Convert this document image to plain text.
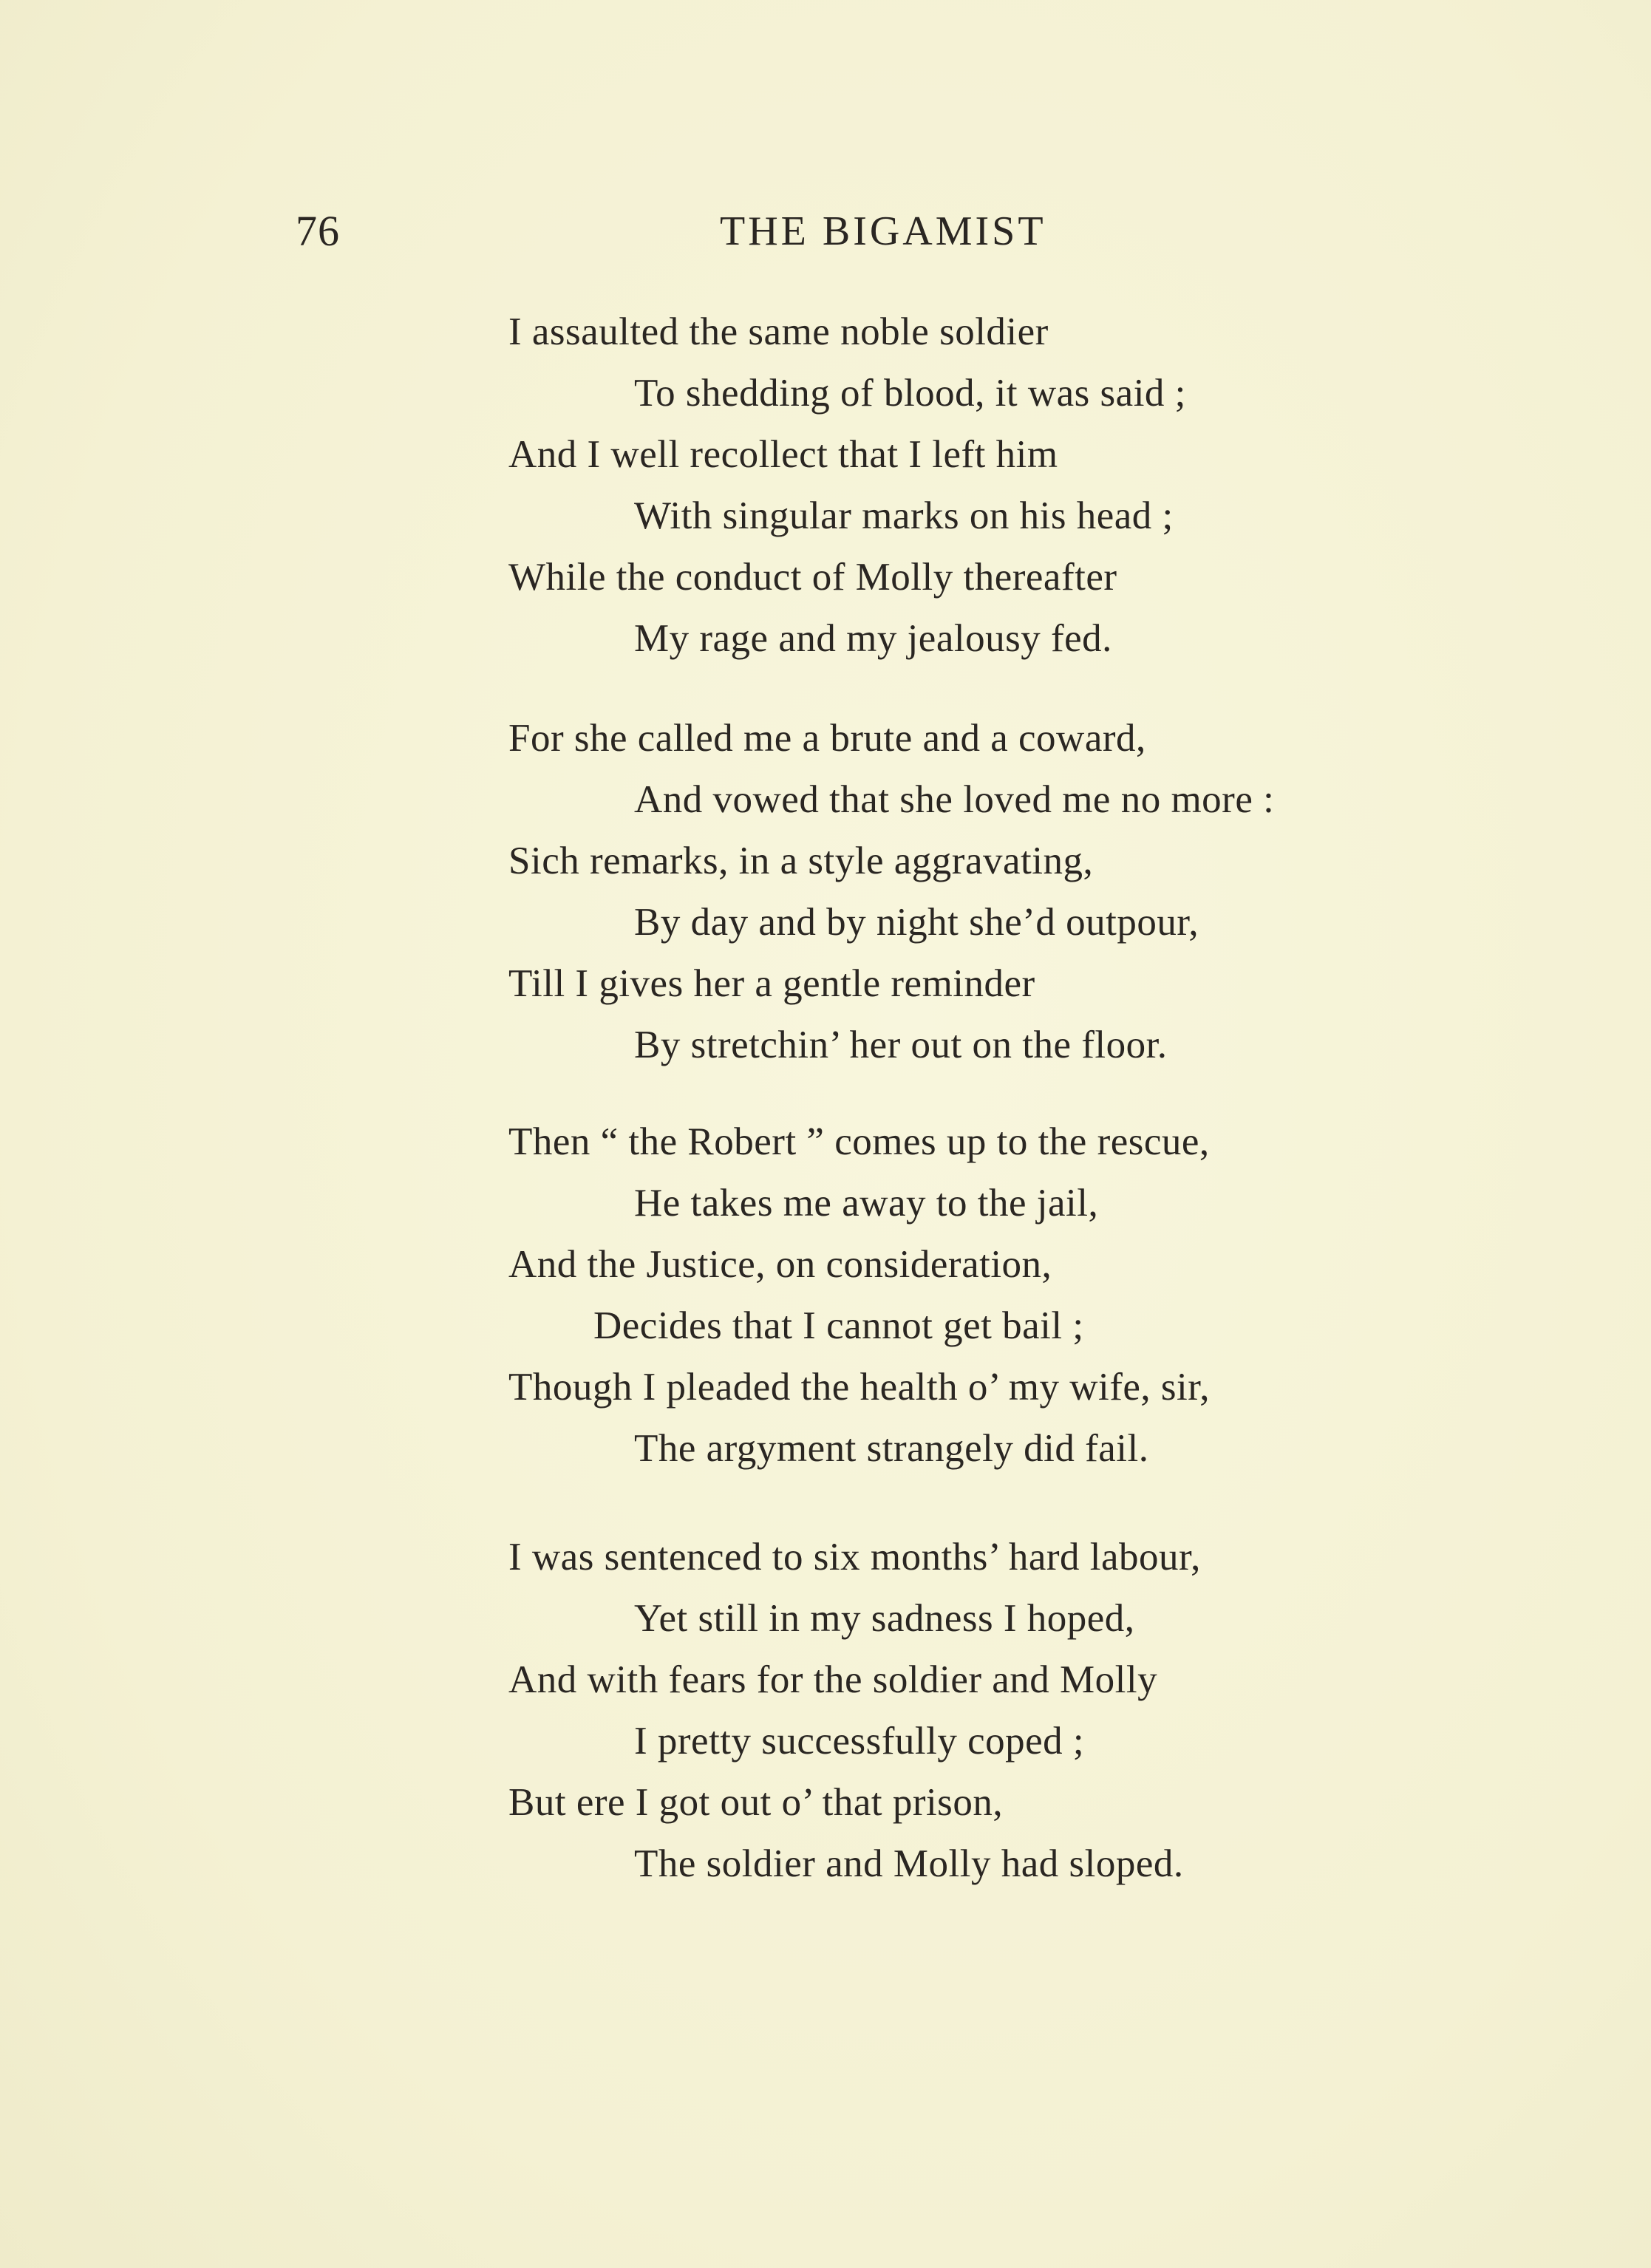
76	THE BIGAMIST
I assaulted the same noble soldier
To shedding of blood, it was said ;
And I well recollect that I left him
With singular marks on his head ;
While the conduct of Molly thereafter
My rage and my jealousy fed.
For she called me a brute and a coward,
And vowed that she loved me no more :
Sich remarks, in a style aggravating,
By day and by night she’d outpour,
Till I gives her a gentle reminder
By stretchin’ her out on the floor.
Then “ the Robert ” comes up to the rescue,
He takes me away to the jail,
And the Justice, on consideration,
Decides that I cannot get bail ;
Though I pleaded the health o’ my wife, sir,
The argyment strangely did fail.
I was sentenced to six months’ hard labour,
Yet still in my sadness I hoped,
And with fears for the soldier and Molly
I pretty successfully coped ;
But ere I got out o’ that prison,
The soldier and Molly had sloped.
